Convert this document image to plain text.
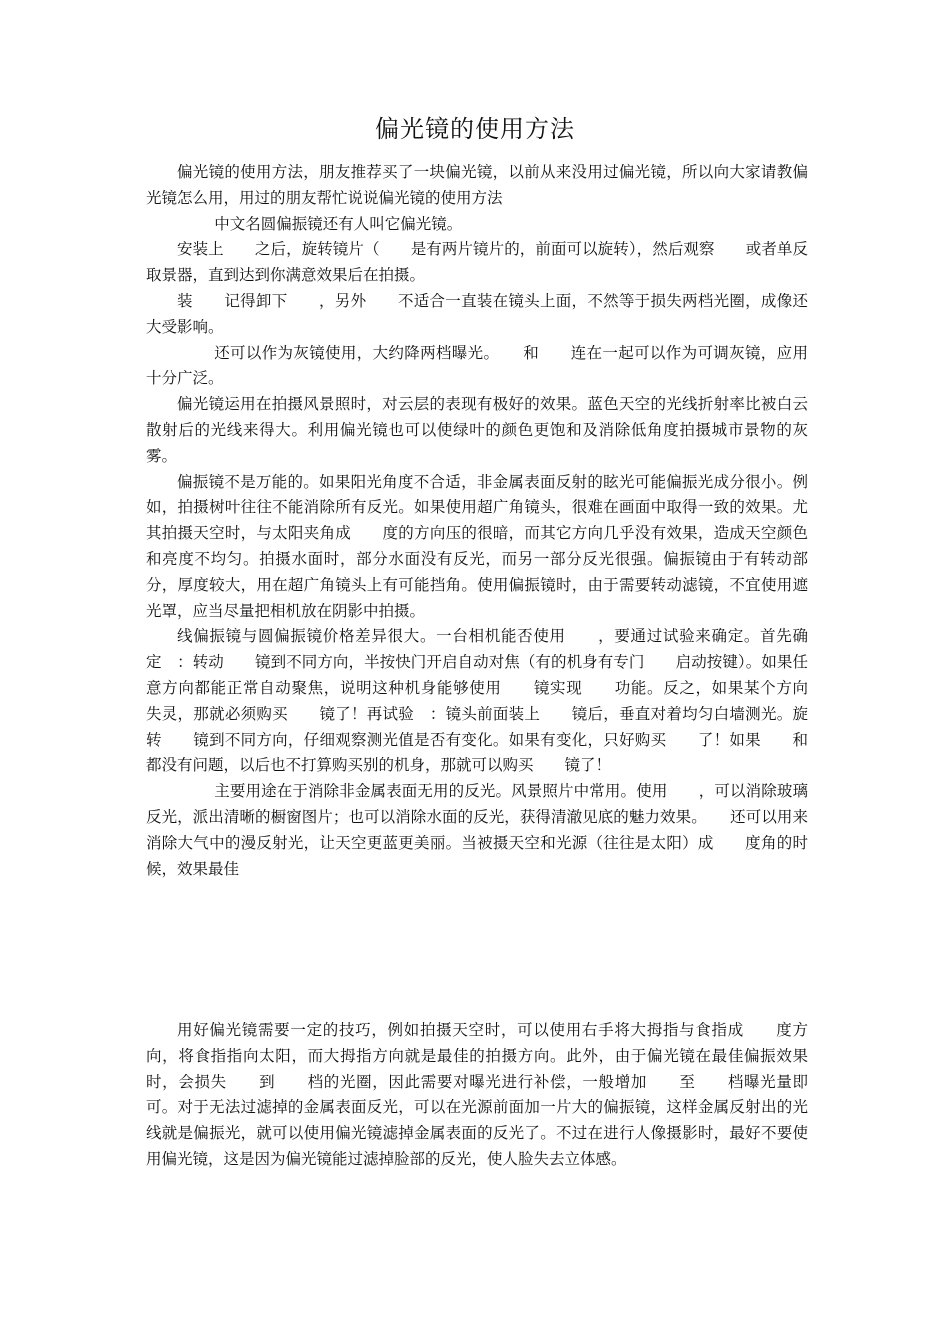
偏光镜的使用方法

偏光镜的使用方法，朋友推荐买了一块偏光镜，以前从来没用过偏光镜，所以向大家请教偏光镜怎么用，用过的朋友帮忙说说偏光镜的使用方法

中文名圆偏振镜还有人叫它偏光镜。

安装上　　之后，旋转镜片（　　是有两片镜片的，前面可以旋转），然后观察　　或者单反取景器，直到达到你满意效果后在拍摄。

装　　记得卸下　　，另外　　不适合一直装在镜头上面，不然等于损失两档光圈，成像还大受影响。

还可以作为灰镜使用，大约降两档曝光。　　和　　连在一起可以作为可调灰镜，应用十分广泛。

偏光镜运用在拍摄风景照时，对云层的表现有极好的效果。蓝色天空的光线折射率比被白云散射后的光线来得大。利用偏光镜也可以使绿叶的颜色更饱和及消除低角度拍摄城市景物的灰雾。

偏振镜不是万能的。如果阳光角度不合适，非金属表面反射的眩光可能偏振光成分很小。例如，拍摄树叶往往不能消除所有反光。如果使用超广角镜头，很难在画面中取得一致的效果。尤其拍摄天空时，与太阳夹角成　　度的方向压的很暗，而其它方向几乎没有效果，造成天空颜色和亮度不均匀。拍摄水面时，部分水面没有反光，而另一部分反光很强。偏振镜由于有转动部分，厚度较大，用在超广角镜头上有可能挡角。使用偏振镜时，由于需要转动滤镜，不宜使用遮光罩，应当尽量把相机放在阴影中拍摄。

线偏振镜与圆偏振镜价格差异很大。一台相机能否使用　　，要通过试验来确定。首先确定　：转动　　镜到不同方向，半按快门开启自动对焦（有的机身有专门　　启动按键）。如果任意方向都能正常自动聚焦，说明这种机身能够使用　　镜实现　　功能。反之，如果某个方向　　失灵，那就必须购买　　镜了！再试验　：镜头前面装上　　镜后，垂直对着均匀白墙测光。旋转　　镜到不同方向，仔细观察测光值是否有变化。如果有变化，只好购买　　了！如果　　和　　都没有问题，以后也不打算购买别的机身，那就可以购买　　镜了！

主要用途在于消除非金属表面无用的反光。风景照片中常用。使用　　，可以消除玻璃反光，派出清晰的橱窗图片；也可以消除水面的反光，获得清澈见底的魅力效果。　　还可以用来消除大气中的漫反射光，让天空更蓝更美丽。当被摄天空和光源（往往是太阳）成　　度角的时候，效果最佳

用好偏光镜需要一定的技巧，例如拍摄天空时，可以使用右手将大拇指与食指成　　度方向，将食指指向太阳，而大拇指方向就是最佳的拍摄方向。此外，由于偏光镜在最佳偏振效果时，会损失　　到　　档的光圈，因此需要对曝光进行补偿，一般增加　　至　　档曝光量即可。对于无法过滤掉的金属表面反光，可以在光源前面加一片大的偏振镜，这样金属反射出的光线就是偏振光，就可以使用偏光镜滤掉金属表面的反光了。不过在进行人像摄影时，最好不要使用偏光镜，这是因为偏光镜能过滤掉脸部的反光，使人脸失去立体感。
